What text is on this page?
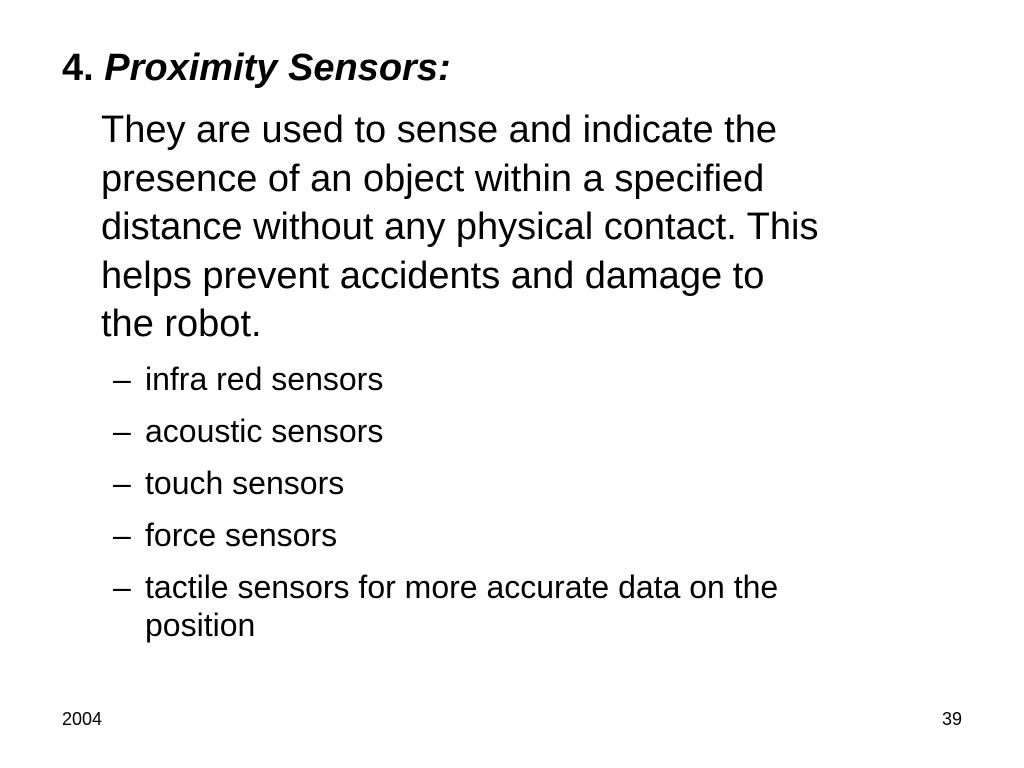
4. Proximity Sensors:
They are used to sense and indicate the
presence of an object within a specified
distance without any physical contact. This
helps prevent accidents and damage to
the robot.
– infra red sensors
– acoustic sensors
– touch sensors
– force sensors
– tactile sensors for more accurate data on the
position
2004	39
